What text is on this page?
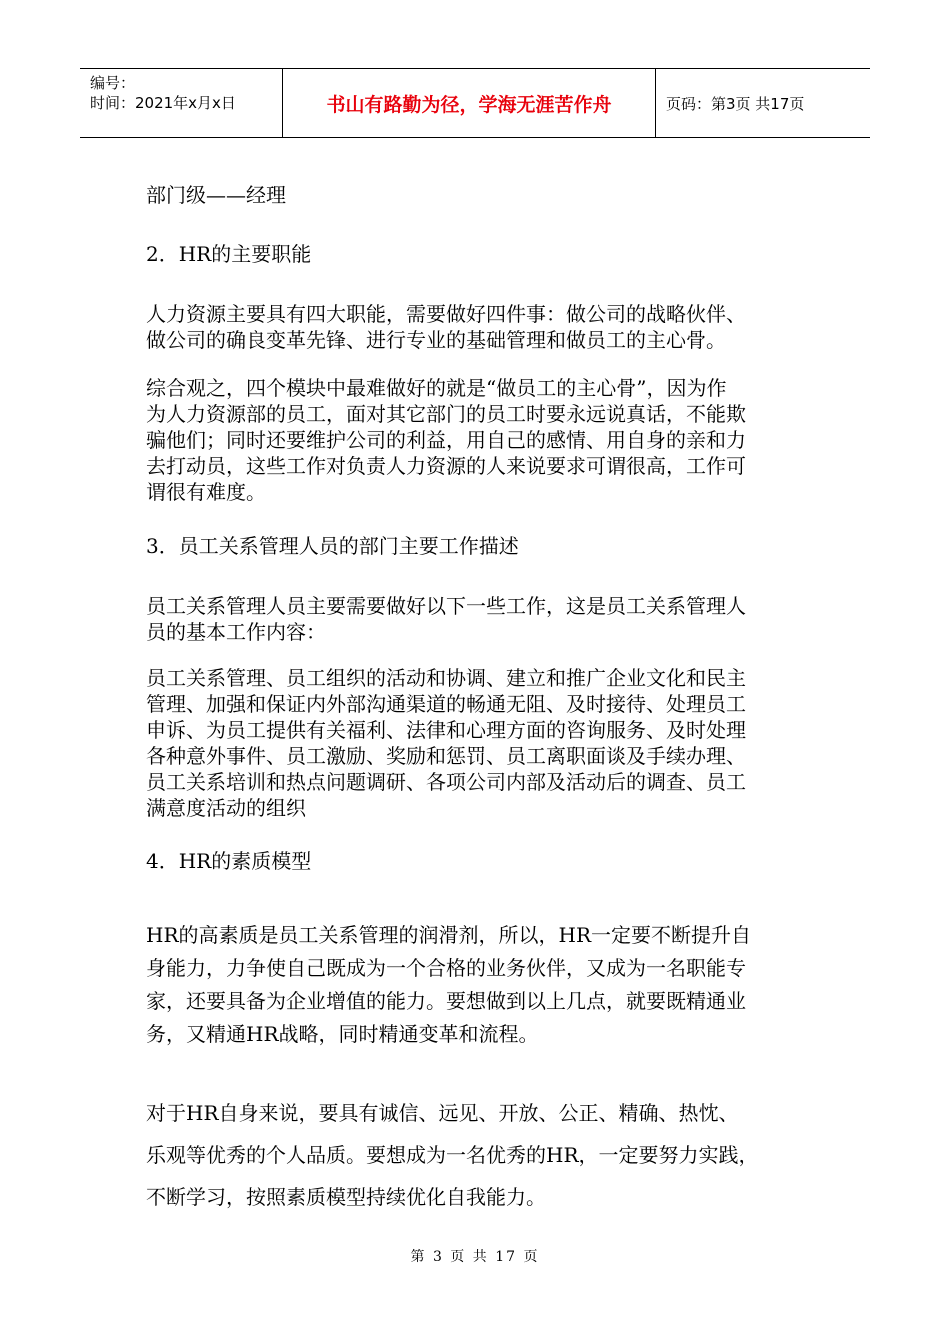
编号：
时间：2021年x月x日	书山有路勤为径，学海无涯苦作舟	页码：第3页 共17页

部门级——经理

2．HR的主要职能

人力资源主要具有四大职能，需要做好四件事：做公司的战略伙伴、
做公司的确良变革先锋、进行专业的基础管理和做员工的主心骨。

综合观之，四个模块中最难做好的就是“做员工的主心骨”，因为作
为人力资源部的员工，面对其它部门的员工时要永远说真话，不能欺
骗他们；同时还要维护公司的利益，用自己的感情、用自身的亲和力
去打动员，这些工作对负责人力资源的人来说要求可谓很高，工作可
谓很有难度。

3．员工关系管理人员的部门主要工作描述

员工关系管理人员主要需要做好以下一些工作，这是员工关系管理人
员的基本工作内容：

员工关系管理、员工组织的活动和协调、建立和推广企业文化和民主
管理、加强和保证内外部沟通渠道的畅通无阻、及时接待、处理员工
申诉、为员工提供有关福利、法律和心理方面的咨询服务、及时处理
各种意外事件、员工激励、奖励和惩罚、员工离职面谈及手续办理、
员工关系培训和热点问题调研、各项公司内部及活动后的调查、员工
满意度活动的组织

4．HR的素质模型

HR的高素质是员工关系管理的润滑剂，所以，HR一定要不断提升自
身能力，力争使自己既成为一个合格的业务伙伴，又成为一名职能专
家，还要具备为企业增值的能力。要想做到以上几点，就要既精通业
务，又精通HR战略，同时精通变革和流程。

对于HR自身来说，要具有诚信、远见、开放、公正、精确、热忱、
乐观等优秀的个人品质。要想成为一名优秀的HR，一定要努力实践，
不断学习，按照素质模型持续优化自我能力。

第 3 页 共 17 页
